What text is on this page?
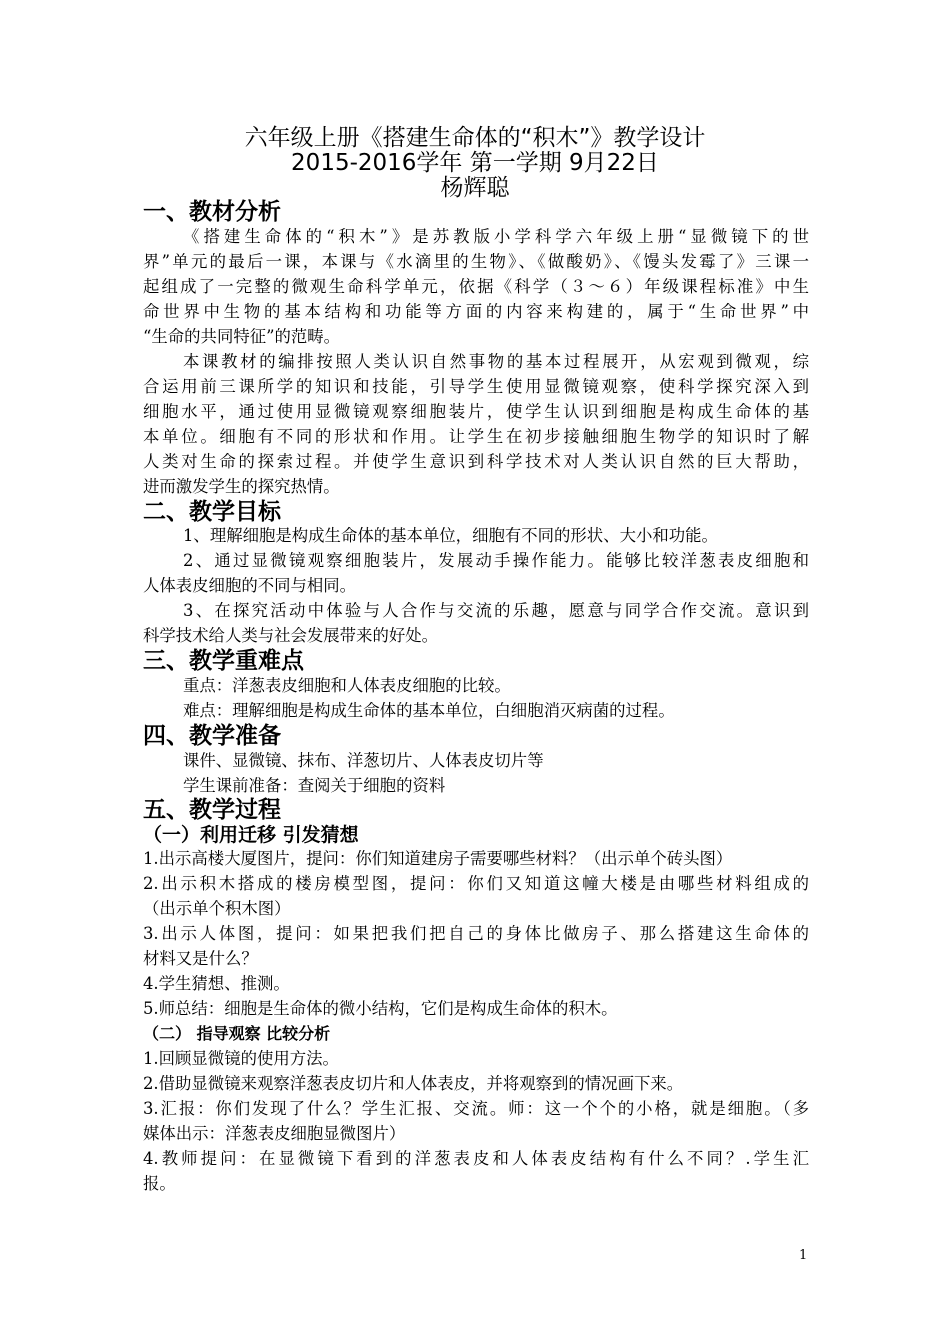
六年级上册《搭建生命体的“积木”》教学设计
2015-2016学年 第一学期 9月22日
杨辉聪
一、教材分析
《搭建生命体的“积木”》是苏教版小学科学六年级上册“显微镜下的世
界”单元的最后一课，本课与《水滴里的生物》、《做酸奶》、《馒头发霉了》三课一
起组成了一完整的微观生命科学单元，依据《科学（３～６）年级课程标准》中生
命世界中生物的基本结构和功能等方面的内容来构建的，属于“生命世界”中
“生命的共同特征”的范畴。
本课教材的编排按照人类认识自然事物的基本过程展开，从宏观到微观，综
合运用前三课所学的知识和技能，引导学生使用显微镜观察，使科学探究深入到
细胞水平，通过使用显微镜观察细胞装片，使学生认识到细胞是构成生命体的基
本单位。细胞有不同的形状和作用。让学生在初步接触细胞生物学的知识时了解
人类对生命的探索过程。并使学生意识到科学技术对人类认识自然的巨大帮助，
进而激发学生的探究热情。
二、教学目标
1、理解细胞是构成生命体的基本单位，细胞有不同的形状、大小和功能。
2、通过显微镜观察细胞装片，发展动手操作能力。能够比较洋葱表皮细胞和
人体表皮细胞的不同与相同。
3、在探究活动中体验与人合作与交流的乐趣，愿意与同学合作交流。意识到
科学技术给人类与社会发展带来的好处。
三、教学重难点
重点：洋葱表皮细胞和人体表皮细胞的比较。
难点：理解细胞是构成生命体的基本单位，白细胞消灭病菌的过程。
四、教学准备
课件、显微镜、抹布、洋葱切片、人体表皮切片等
学生课前准备：查阅关于细胞的资料
五、教学过程
（一）利用迁移 引发猜想
1.出示高楼大厦图片，提问：你们知道建房子需要哪些材料？（出示单个砖头图）
2.出示积木搭成的楼房模型图，提问：你们又知道这幢大楼是由哪些材料组成的
（出示单个积木图）
3.出示人体图，提问：如果把我们把自己的身体比做房子、那么搭建这生命体的
材料又是什么？
4.学生猜想、推测。
5.师总结：细胞是生命体的微小结构，它们是构成生命体的积木。
（二） 指导观察 比较分析
1.回顾显微镜的使用方法。
2.借助显微镜来观察洋葱表皮切片和人体表皮，并将观察到的情况画下来。
3.汇报：你们发现了什么？学生汇报、交流。师：这一个个的小格，就是细胞。（多
媒体出示：洋葱表皮细胞显微图片）
4.教师提问：在显微镜下看到的洋葱表皮和人体表皮结构有什么不同？.学生汇
报。
1
